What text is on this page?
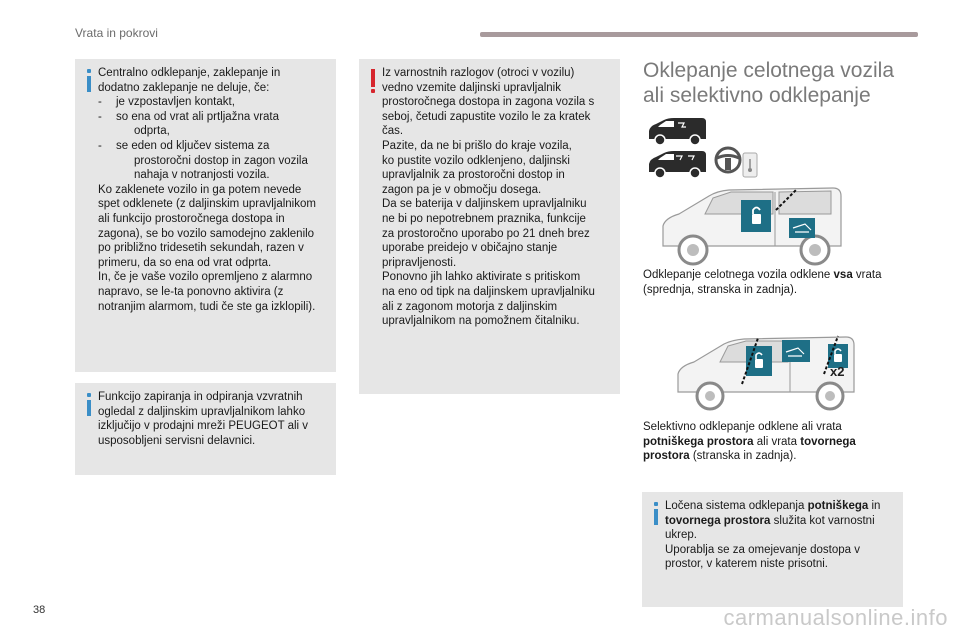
Vrata in pokrovi

Centralno odklepanje, zaklepanje in

dodatno zaklepanje ne deluje, če:

-	je vzpostavljen kontakt,

-	so ena od vrat ali prtljažna vrata

odprta,

-	se eden od ključev sistema za

prostoročni dostop in zagon vozila

nahaja v notranjosti vozila.

Ko zaklenete vozilo in ga potem nevede

spet odklenete (z daljinskim upravljalnikom

ali funkcijo prostoročnega dostopa in

zagona), se bo vozilo samodejno zaklenilo

po približno tridesetih sekundah, razen v

primeru, da so ena od vrat odprta.

In, če je vaše vozilo opremljeno z alarmno

napravo, se le-ta ponovno aktivira (z

notranjim alarmom, tudi če ste ga izklopili).

Funkcijo zapiranja in odpiranja vzvratnih

ogledal z daljinskim upravljalnikom lahko

izključijo v prodajni mreži PEUGEOT ali v

usposobljeni servisni delavnici.

Iz varnostnih razlogov (otroci v vozilu)

vedno vzemite daljinski upravljalnik

prostoročnega dostopa in zagona vozila s

seboj, četudi zapustite vozilo le za kratek

čas.

Pazite, da ne bi prišlo do kraje vozila,

ko pustite vozilo odklenjeno, daljinski

upravljalnik za prostoročni dostop in

zagon pa je v območju dosega.

Da se baterija v daljinskem upravljalniku

ne bi po nepotrebnem praznika, funkcije

za prostoročno uporabo po 21 dneh brez

uporabe preidejo v običajno stanje

pripravljenosti.

Ponovno jih lahko aktivirate s pritiskom

na eno od tipk na daljinskem upravljalniku

ali z zagonom motorja z daljinskim

upravljalnikom na pomožnem čitalniku.

Oklepanje celotnega vozila
ali selektivno odklepanje

Odklepanje celotnega vozila odklene vsa vrata

(sprednja, stranska in zadnja).

x2

Selektivno odklepanje odklene ali vrata

potniškega prostora ali vrata tovornega

prostora (stranska in zadnja).

Ločena sistema odklepanja potniškega in

tovornega prostora služita kot varnostni

ukrep.

Uporablja se za omejevanje dostopa v

prostor, v katerem niste prisotni.

38	carmanualsonline.info
